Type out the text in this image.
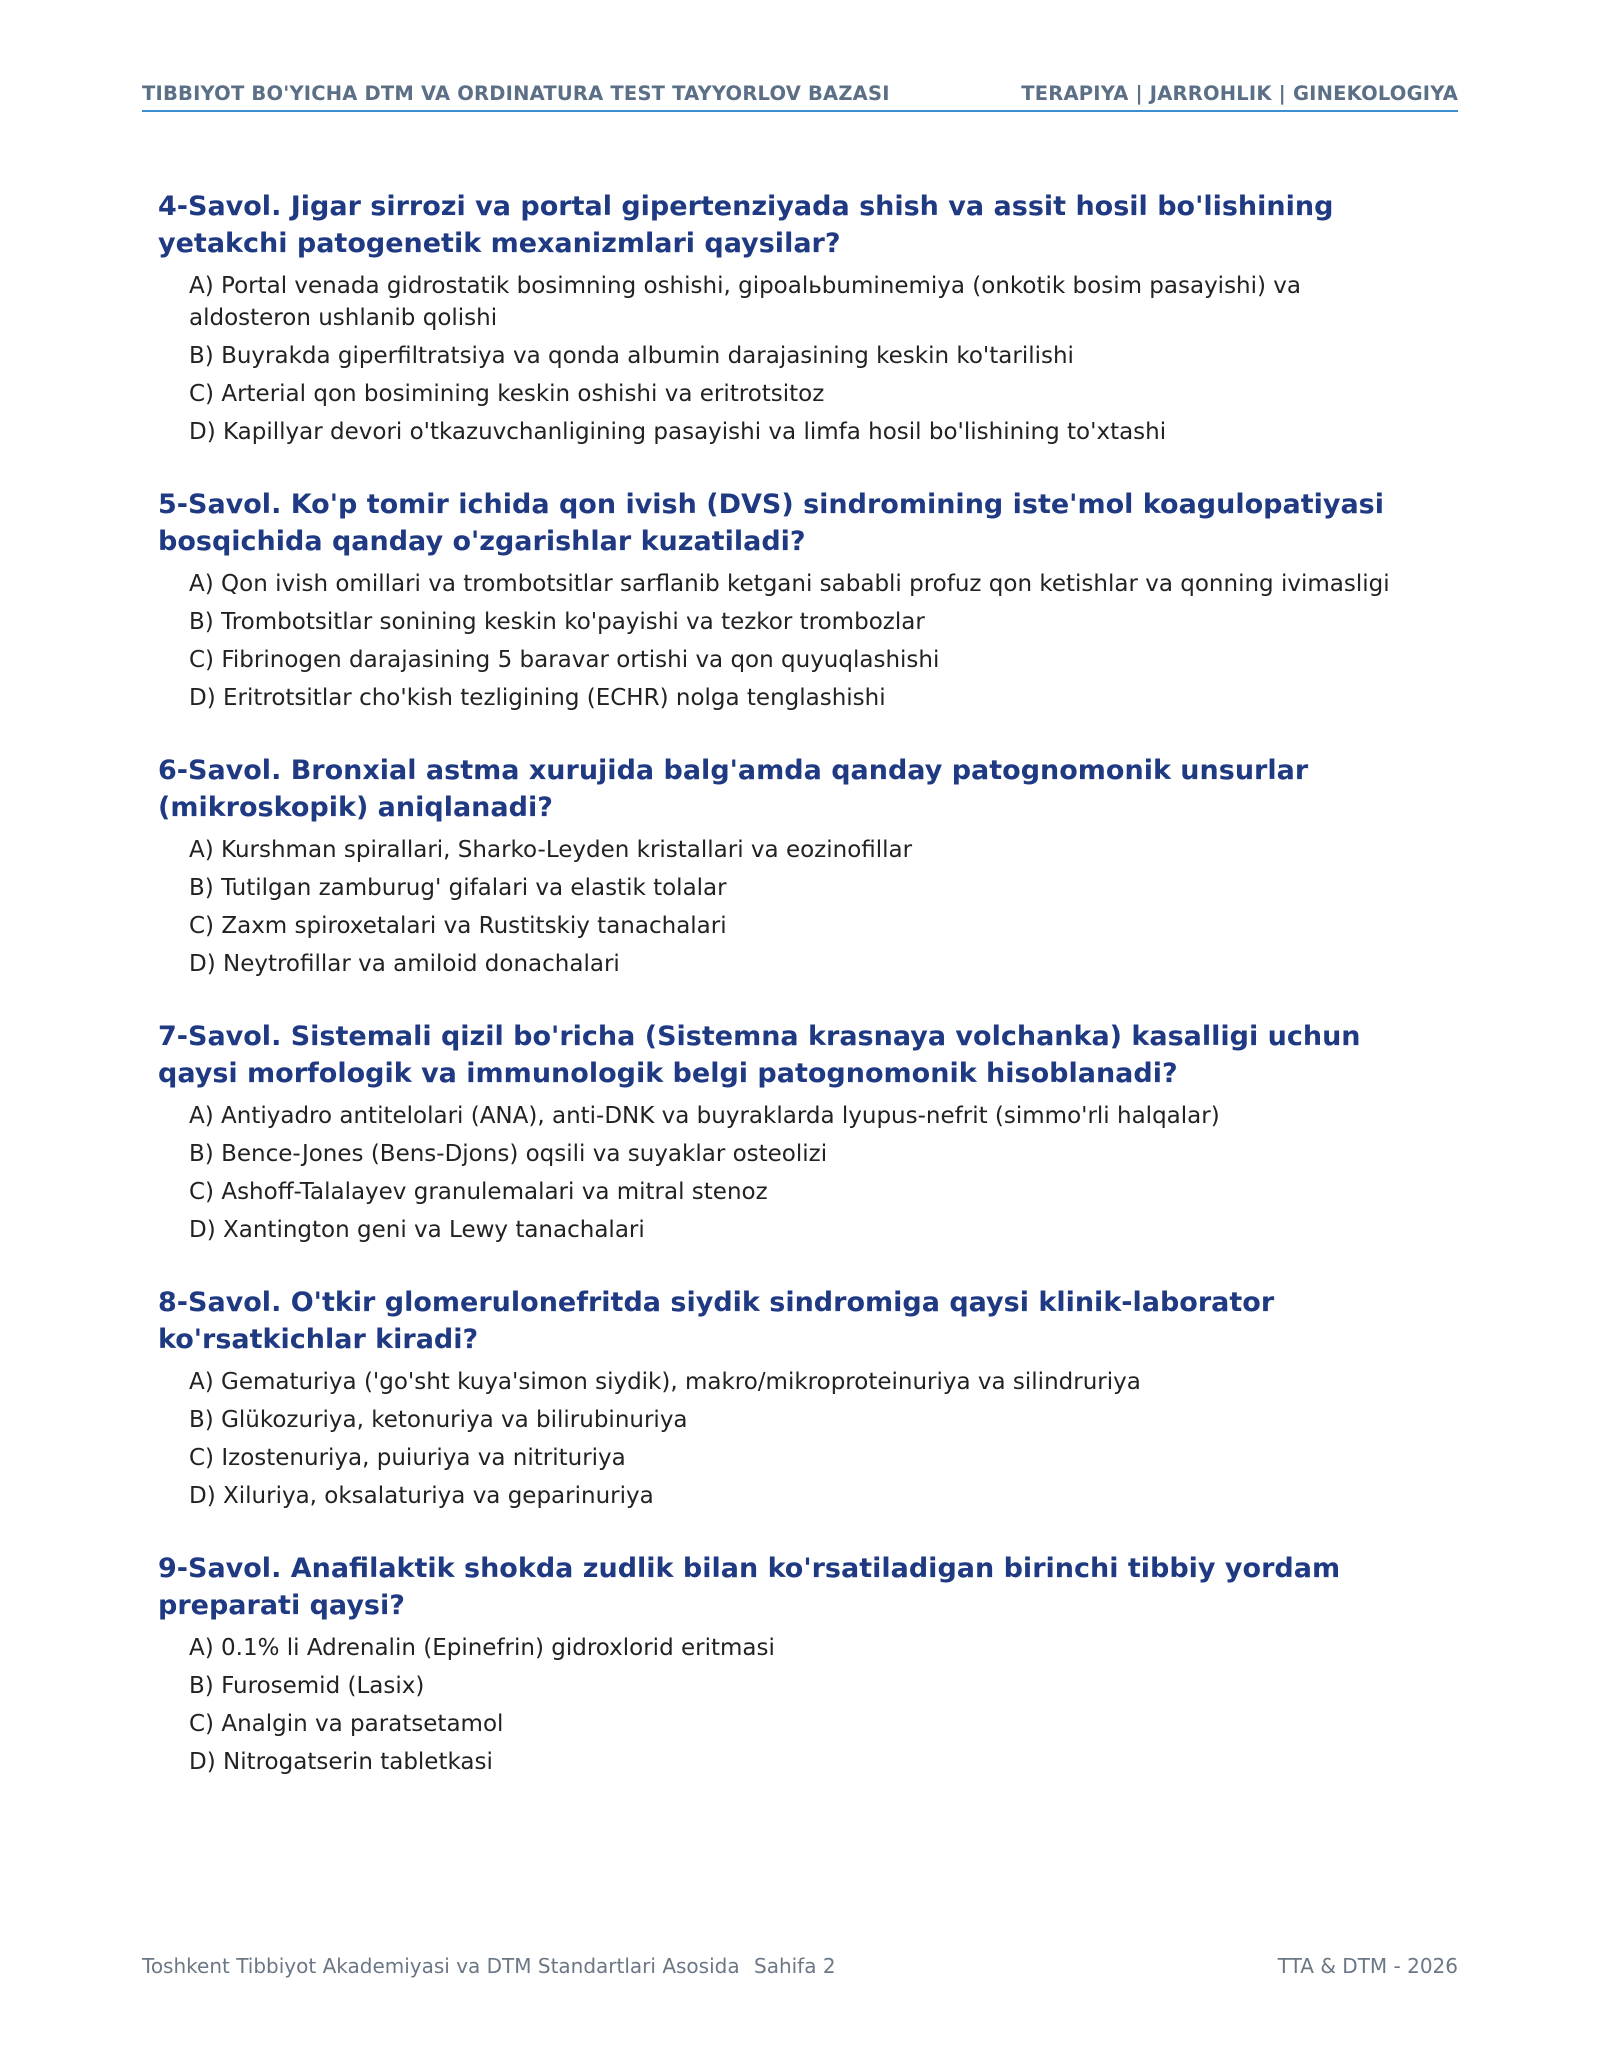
TIBBIYOT BO'YICHA DTM VA ORDINATURA TEST TAYYORLOV BAZASI	TERAPIYA | JARROHLIK | GINEKOLOGIYA
4-Savol. Jigar sirrozi va portal gipertenziyada shish va assit hosil bo'lishining yetakchi patogenetik mexanizmlari qaysilar?
A) Portal venada gidrostatik bosimning oshishi, gipoalьbuminemiya (onkotik bosim pasayishi) va aldosteron ushlanib qolishi
B) Buyrakda giperfiltratsiya va qonda albumin darajasining keskin ko'tarilishi
C) Arterial qon bosimining keskin oshishi va eritrotsitoz
D) Kapillyar devori o'tkazuvchanligining pasayishi va limfa hosil bo'lishining to'xtashi
5-Savol. Ko'p tomir ichida qon ivish (DVS) sindromining iste'mol koagulopatiyasi bosqichida qanday o'zgarishlar kuzatiladi?
A) Qon ivish omillari va trombotsitlar sarflanib ketgani sababli profuz qon ketishlar va qonning ivimasligi
B) Trombotsitlar sonining keskin ko'payishi va tezkor trombozlar
C) Fibrinogen darajasining 5 baravar ortishi va qon quyuqlashishi
D) Eritrotsitlar cho'kish tezligining (ECHR) nolga tenglashishi
6-Savol. Bronxial astma xurujida balg'amda qanday patognomonik unsurlar (mikroskopik) aniqlanadi?
A) Kurshman spirallari, Sharko-Leyden kristallari va eozinofillar
B) Tutilgan zamburug' gifalari va elastik tolalar
C) Zaxm spiroxetalari va Rustitskiy tanachalari
D) Neytrofillar va amiloid donachalari
7-Savol. Sistemali qizil bo'richa (Sistemna krasnaya volchanka) kasalligi uchun qaysi morfologik va immunologik belgi patognomonik hisoblanadi?
A) Antiyadro antitelolari (ANA), anti-DNK va buyraklarda lyupus-nefrit (simmo'rli halqalar)
B) Bence-Jones (Bens-Djons) oqsili va suyaklar osteolizi
C) Ashoff-Talalayev granulemalari va mitral stenoz
D) Xantington geni va Lewy tanachalari
8-Savol. O'tkir glomerulonefritda siydik sindromiga qaysi klinik-laborator ko'rsatkichlar kiradi?
A) Gematuriya ('go'sht kuya'simon siydik), makro/mikroproteinuriya va silindruriya
B) Glükozuriya, ketonuriya va bilirubinuriya
C) Izostenuriya, puiuriya va nitrituriya
D) Xiluriya, oksalaturiya va geparinuriya
9-Savol. Anafilaktik shokda zudlik bilan ko'rsatiladigan birinchi tibbiy yordam preparati qaysi?
A) 0.1% li Adrenalin (Epinefrin) gidroxlorid eritmasi
B) Furosemid (Lasix)
C) Analgin va paratsetamol
D) Nitrogatserin tabletkasi
Toshkent Tibbiyot Akademiyasi va DTM Standartlari Asosida Sahifa 2	TTA & DTM - 2026
